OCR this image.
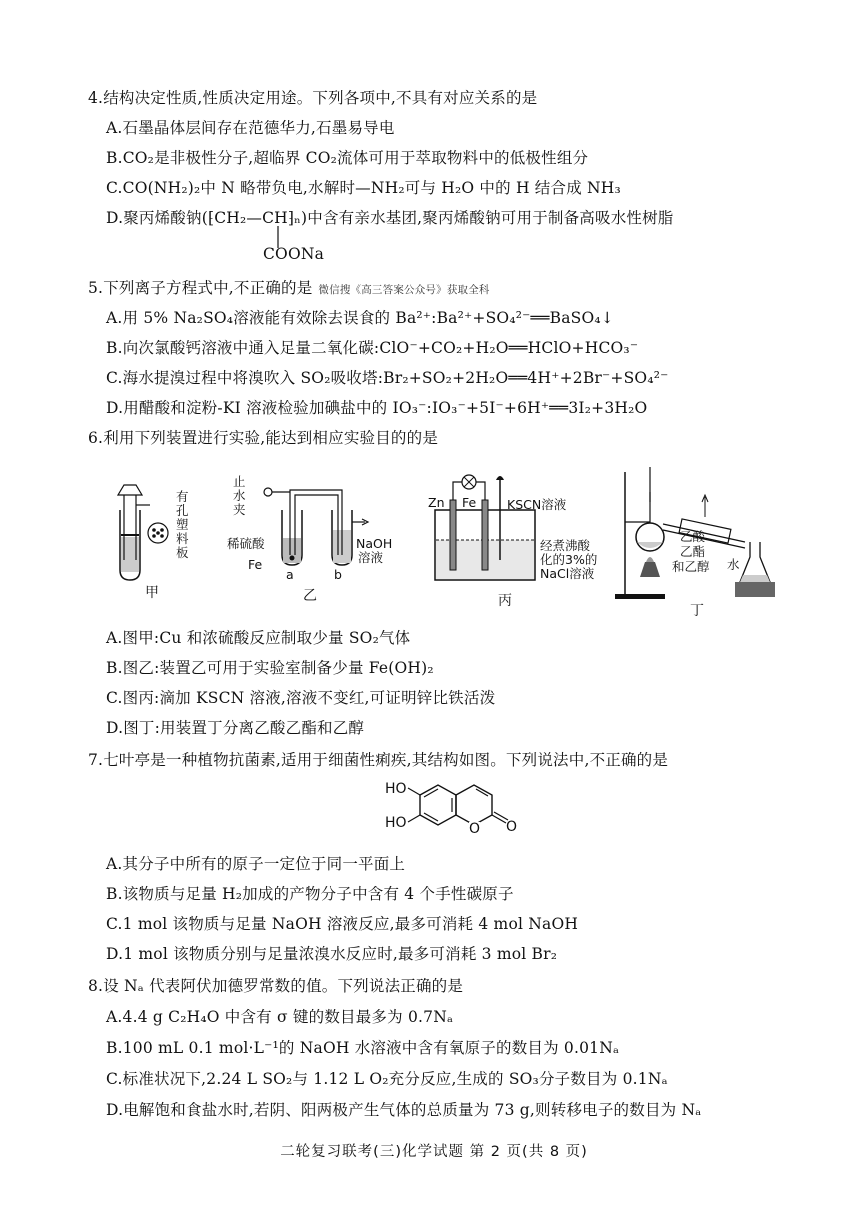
4.结构决定性质,性质决定用途。下列各项中,不具有对应关系的是
A.石墨晶体层间存在范德华力,石墨易导电
B.CO₂是非极性分子,超临界 CO₂流体可用于萃取物料中的低极性组分
C.CO(NH₂)₂中 N 略带负电,水解时—NH₂可与 H₂O 中的 H 结合成 NH₃
D.聚丙烯酸钠(⁅CH₂—CH⁆ₙ)中含有亲水基团,聚丙烯酸钠可用于制备高吸水性树脂
COONa
5.下列离子方程式中,不正确的是 微信搜《高三答案公众号》获取全科
A.用 5% Na₂SO₄溶液能有效除去误食的 Ba²⁺:Ba²⁺+SO₄²⁻══BaSO₄↓
B.向次氯酸钙溶液中通入足量二氧化碳:ClO⁻+CO₂+H₂O══HClO+HCO₃⁻
C.海水提溴过程中将溴吹入 SO₂吸收塔:Br₂+SO₂+2H₂O══4H⁺+2Br⁻+SO₄²⁻
D.用醋酸和淀粉-KI 溶液检验加碘盐中的 IO₃⁻:IO₃⁻+5I⁻+6H⁺══3I₂+3H₂O
6.利用下列装置进行实验,能达到相应实验目的的是
有孔塑料板
甲
止水夹
稀硫酸
Fe
a	b
NaOH
溶液
乙
Zn Fe KSCN溶液
经煮沸酸
化的3%的
NaCl溶液
丙
乙酸
乙酯
和乙醇 水
丁
A.图甲:Cu 和浓硫酸反应制取少量 SO₂气体
B.图乙:装置乙可用于实验室制备少量 Fe(OH)₂
C.图丙:滴加 KSCN 溶液,溶液不变红,可证明锌比铁活泼
D.图丁:用装置丁分离乙酸乙酯和乙醇
7.七叶亭是一种植物抗菌素,适用于细菌性痢疾,其结构如图。下列说法中,不正确的是
HO
HO	O O
A.其分子中所有的原子一定位于同一平面上
B.该物质与足量 H₂加成的产物分子中含有 4 个手性碳原子
C.1 mol 该物质与足量 NaOH 溶液反应,最多可消耗 4 mol NaOH
D.1 mol 该物质分别与足量浓溴水反应时,最多可消耗 3 mol Br₂
8.设 Nₐ 代表阿伏加德罗常数的值。下列说法正确的是
A.4.4 g C₂H₄O 中含有 σ 键的数目最多为 0.7Nₐ
B.100 mL 0.1 mol·L⁻¹的 NaOH 水溶液中含有氧原子的数目为 0.01Nₐ
C.标准状况下,2.24 L SO₂与 1.12 L O₂充分反应,生成的 SO₃分子数目为 0.1Nₐ
D.电解饱和食盐水时,若阴、阳两极产生气体的总质量为 73 g,则转移电子的数目为 Nₐ
二轮复习联考(三)化学试题 第 2 页(共 8 页)
